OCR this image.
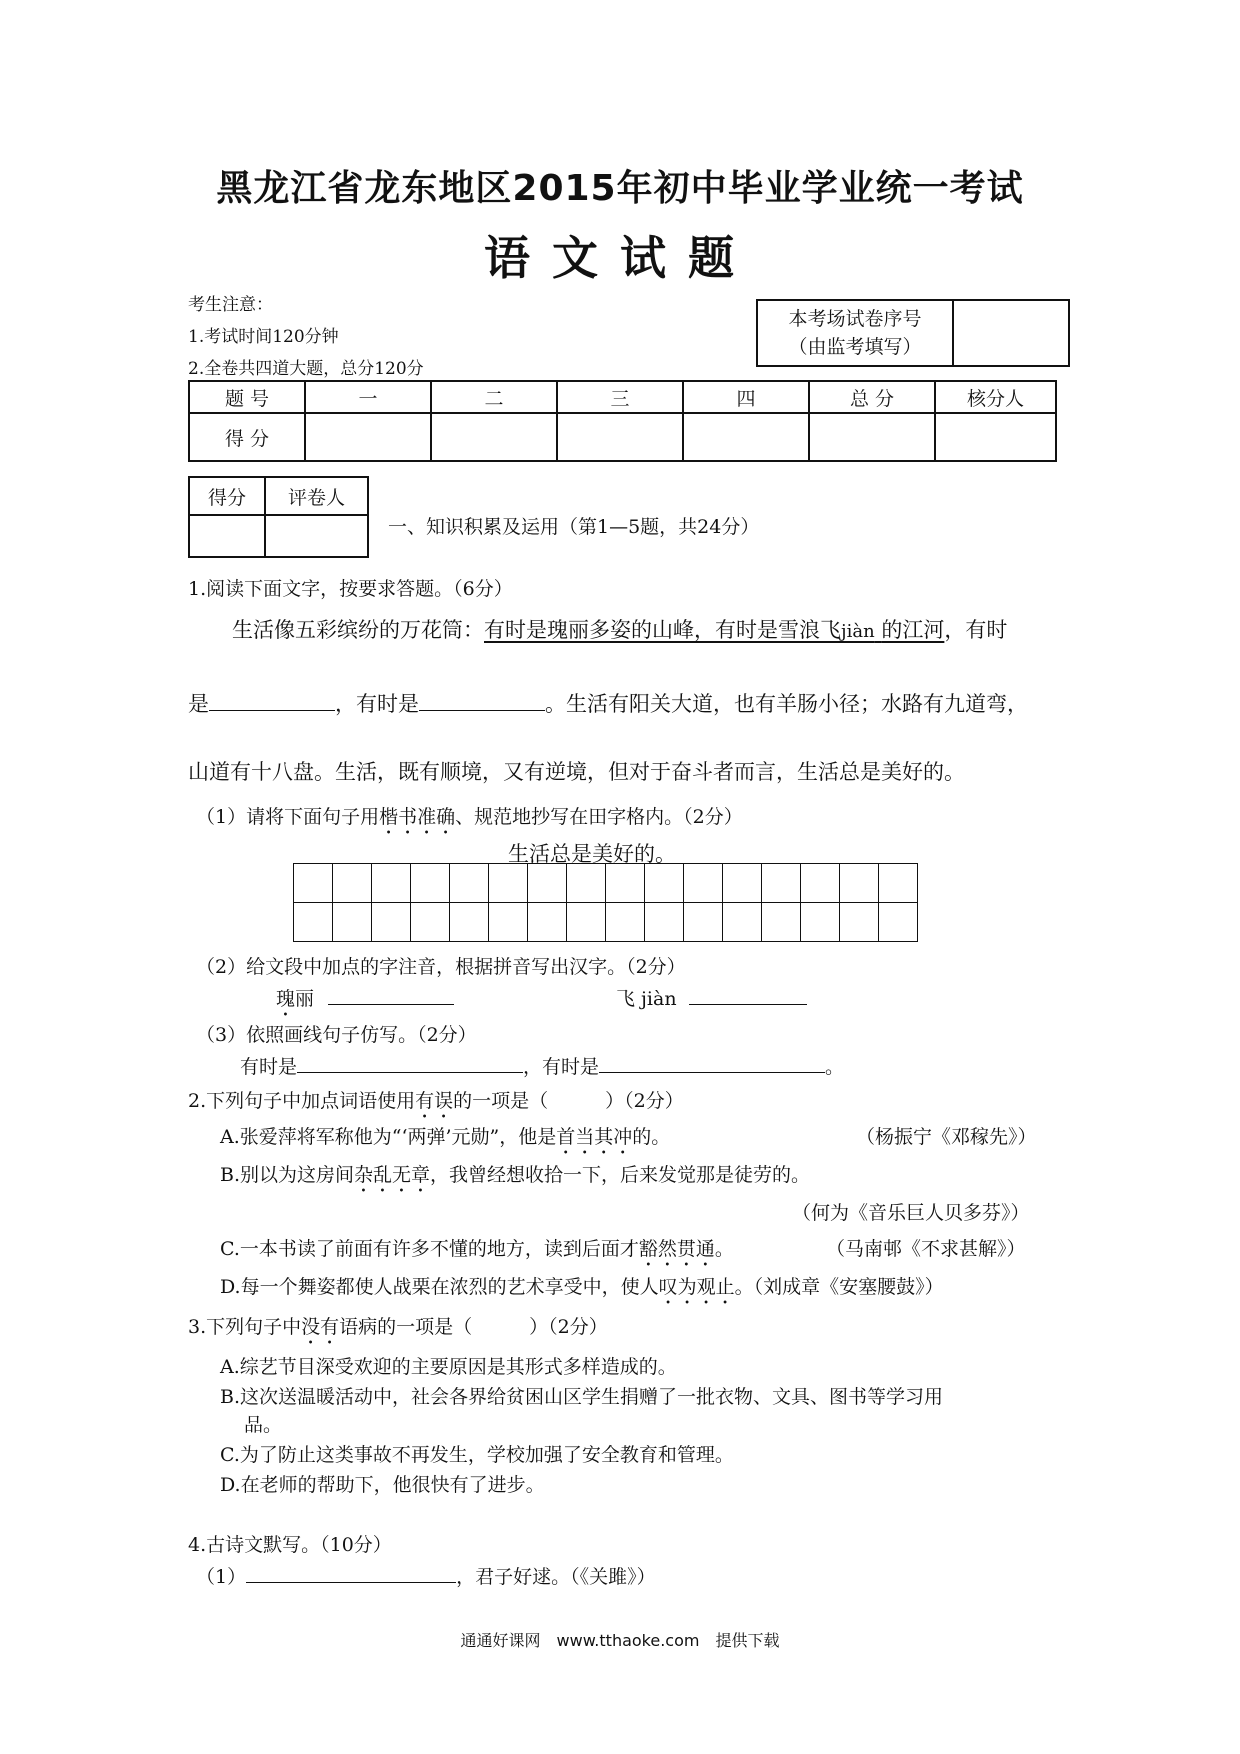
黑龙江省龙东地区2015年初中毕业学业统一考试
语文试题
考生注意：
1.考试时间120分钟
2.全卷共四道大题，总分120分
本考场试卷序号
（由监考填写）

题 号	一	二	三	四	总 分	核分人
得 分						
得分	评卷人

一、知识积累及运用（第1—5题，共24分）
1.阅读下面文字，按要求答题。（6分）
生活像五彩缤纷的万花筒：有时是瑰丽多姿的山峰，有时是雪浪飞jiàn 的江河，有时
是	，有时是	。生活有阳关大道，也有羊肠小径；水路有九道弯，
山道有十八盘。生活，既有顺境，又有逆境，但对于奋斗者而言，生活总是美好的。
（1）请将下面句子用楷书准确、规范地抄写在田字格内。（2分）
生活总是美好的。
（2）给文段中加点的字注音，根据拼音写出汉字。（2分）
瑰丽	飞 jiàn
（3）依照画线句子仿写。（2分）
有时是	，有时是	。
2.下列句子中加点词语使用有误的一项是（　　　）（2分）
A.张爱萍将军称他为“‘两弹’元勋”，他是首当其冲的。	（杨振宁《邓稼先》）
B.别以为这房间杂乱无章，我曾经想收拾一下，后来发觉那是徒劳的。
（何为《音乐巨人贝多芬》）
C.一本书读了前面有许多不懂的地方，读到后面才豁然贯通。	（马南邨《不求甚解》）
D.每一个舞姿都使人战栗在浓烈的艺术享受中，使人叹为观止。（刘成章《安塞腰鼓》）
3.下列句子中没有语病的一项是（　　　）（2分）
A.综艺节目深受欢迎的主要原因是其形式多样造成的。
B.这次送温暖活动中，社会各界给贫困山区学生捐赠了一批衣物、文具、图书等学习用
品。
C.为了防止这类事故不再发生，学校加强了安全教育和管理。
D.在老师的帮助下，他很快有了进步。
4.古诗文默写。（10分）
（1）	，君子好逑。（《关雎》）
通通好课网　www.tthaoke.com　提供下载
